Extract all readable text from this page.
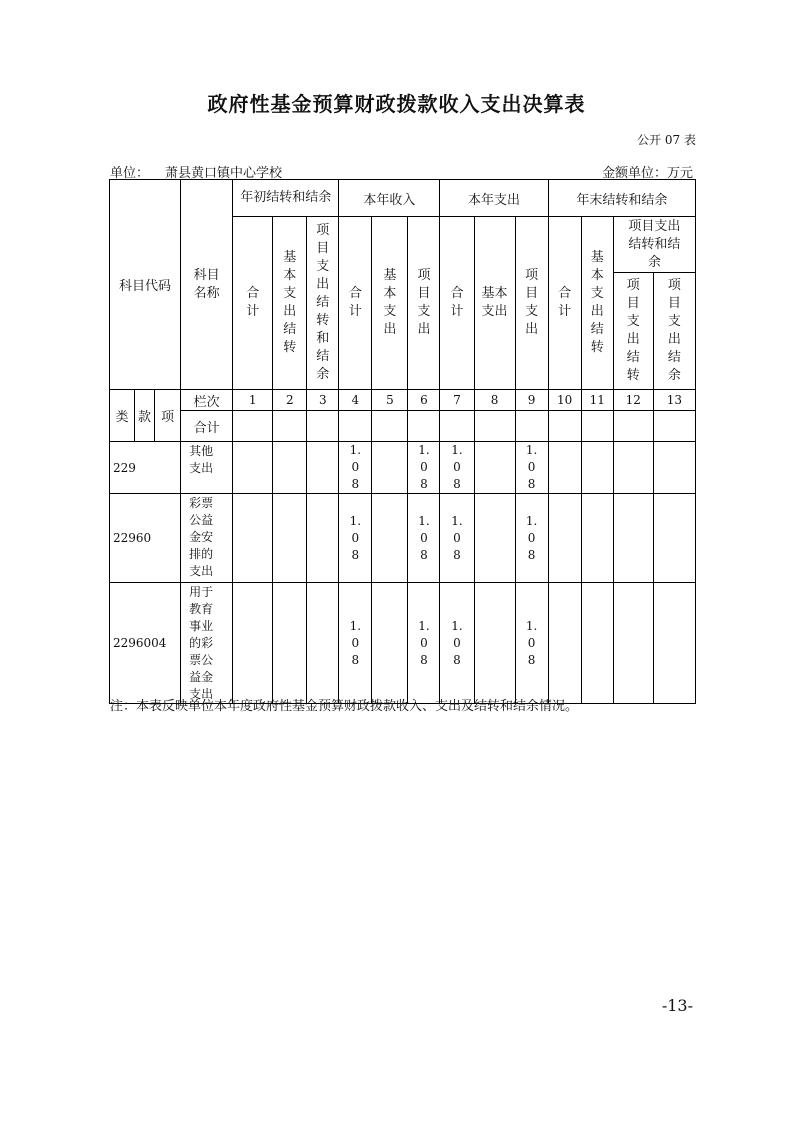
政府性基金预算财政拨款收入支出决算表
公开 07 表
单位： 萧县黄口镇中心学校	金额单位：万元
科目代码			科目名称	年初结转和结余			本年收入			本年支出			年末结转和结余			
				合计	基本支出结转	项目支出结转和结余	合计	基本支出	项目支出	合计	基本支出	项目支出	合计	基本支出结转	项目支出结转和结余	
															项目支出结转	项目支出结余
类	款	项	栏次	1	2	3	4	5	6	7	8	9	10	11	12	13
			合计													
229			其他支出				1.08		1.08	1.08		1.08				
22960			彩票公益金安排的支出				1.08		1.08	1.08		1.08				
2296004			用于教育事业的彩票公益金支出				1.08		1.08	1.08		1.08				
注：本表反映单位本年度政府性基金预算财政拨款收入、支出及结转和结余情况。
-13-
